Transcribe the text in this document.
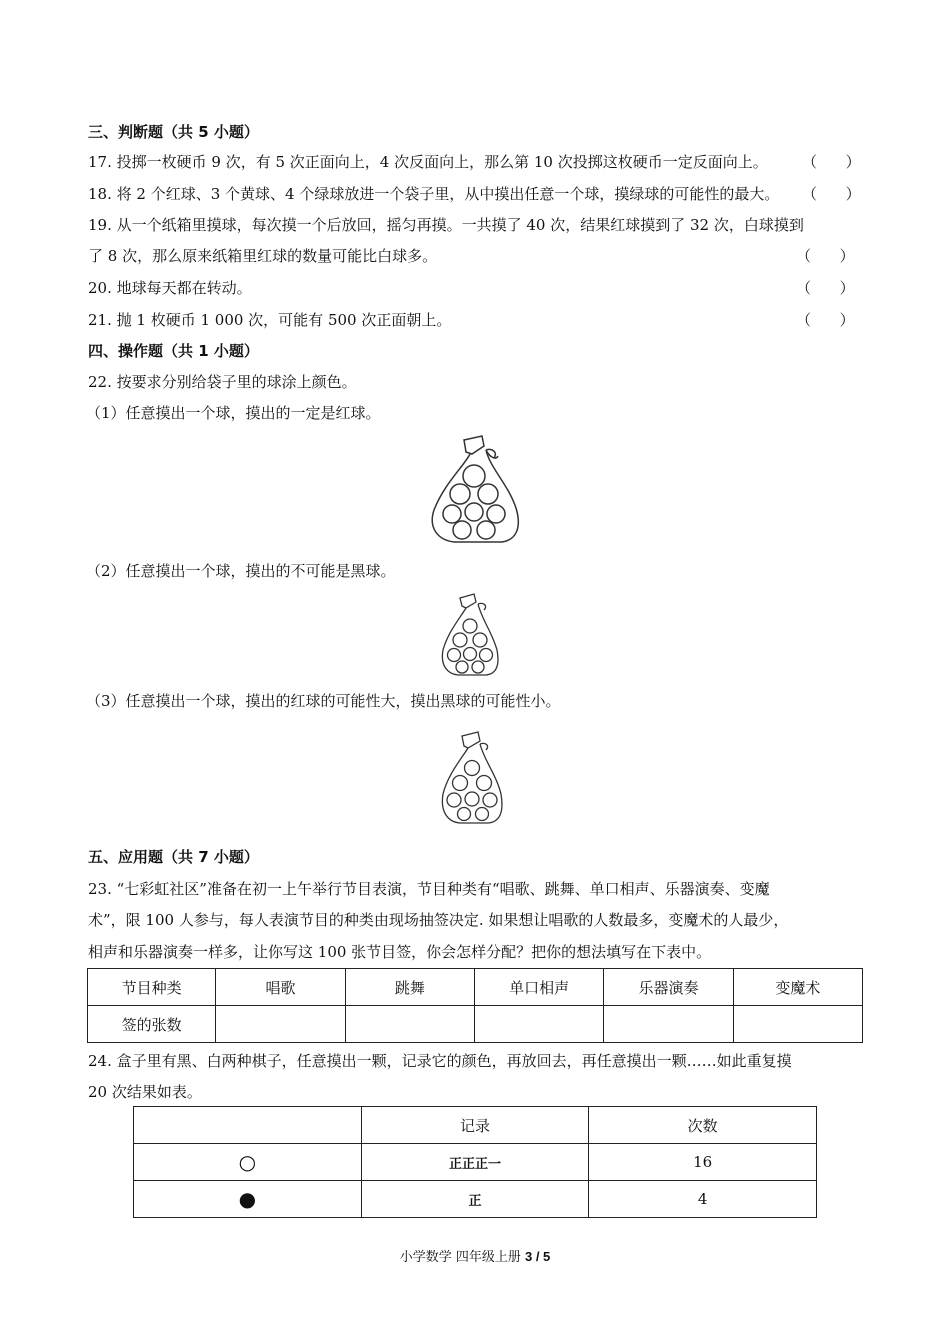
三、判断题（共 5 小题）
17. 投掷一枚硬币 9 次，有 5 次正面向上，4 次反面向上，那么第 10 次投掷这枚硬币一定反面向上。 （      ）
18. 将 2 个红球、3 个黄球、4 个绿球放进一个袋子里，从中摸出任意一个球，摸绿球的可能性的最大。 （      ）
19. 从一个纸箱里摸球，每次摸一个后放回，摇匀再摸。一共摸了 40 次，结果红球摸到了 32 次，白球摸到
了 8 次，那么原来纸箱里红球的数量可能比白球多。	（      ）
20. 地球每天都在转动。	（      ）
21. 抛 1 枚硬币 1 000 次，可能有 500 次正面朝上。	（      ）
四、操作题（共 1 小题）
22. 按要求分别给袋子里的球涂上颜色。
（1）任意摸出一个球，摸出的一定是红球。
（2）任意摸出一个球，摸出的不可能是黑球。
（3）任意摸出一个球，摸出的红球的可能性大，摸出黑球的可能性小。
五、应用题（共 7 小题）
23. “七彩虹社区”准备在初一上午举行节目表演，节目种类有“唱歌、跳舞、单口相声、乐器演奏、变魔
术”，限 100 人参与，每人表演节目的种类由现场抽签决定. 如果想让唱歌的人数最多，变魔术的人最少，
相声和乐器演奏一样多，让你写这 100 张节目签，你会怎样分配？把你的想法填写在下表中。
节目种类	唱歌	跳舞	单口相声	乐器演奏	变魔术
签的张数					
24. 盒子里有黑、白两种棋子，任意摸出一颗，记录它的颜色，再放回去，再任意摸出一颗……如此重复摸
20 次结果如表。
	记录	次数
○	正正正一	16
●	正	4
小学数学 四年级上册 3 / 5
